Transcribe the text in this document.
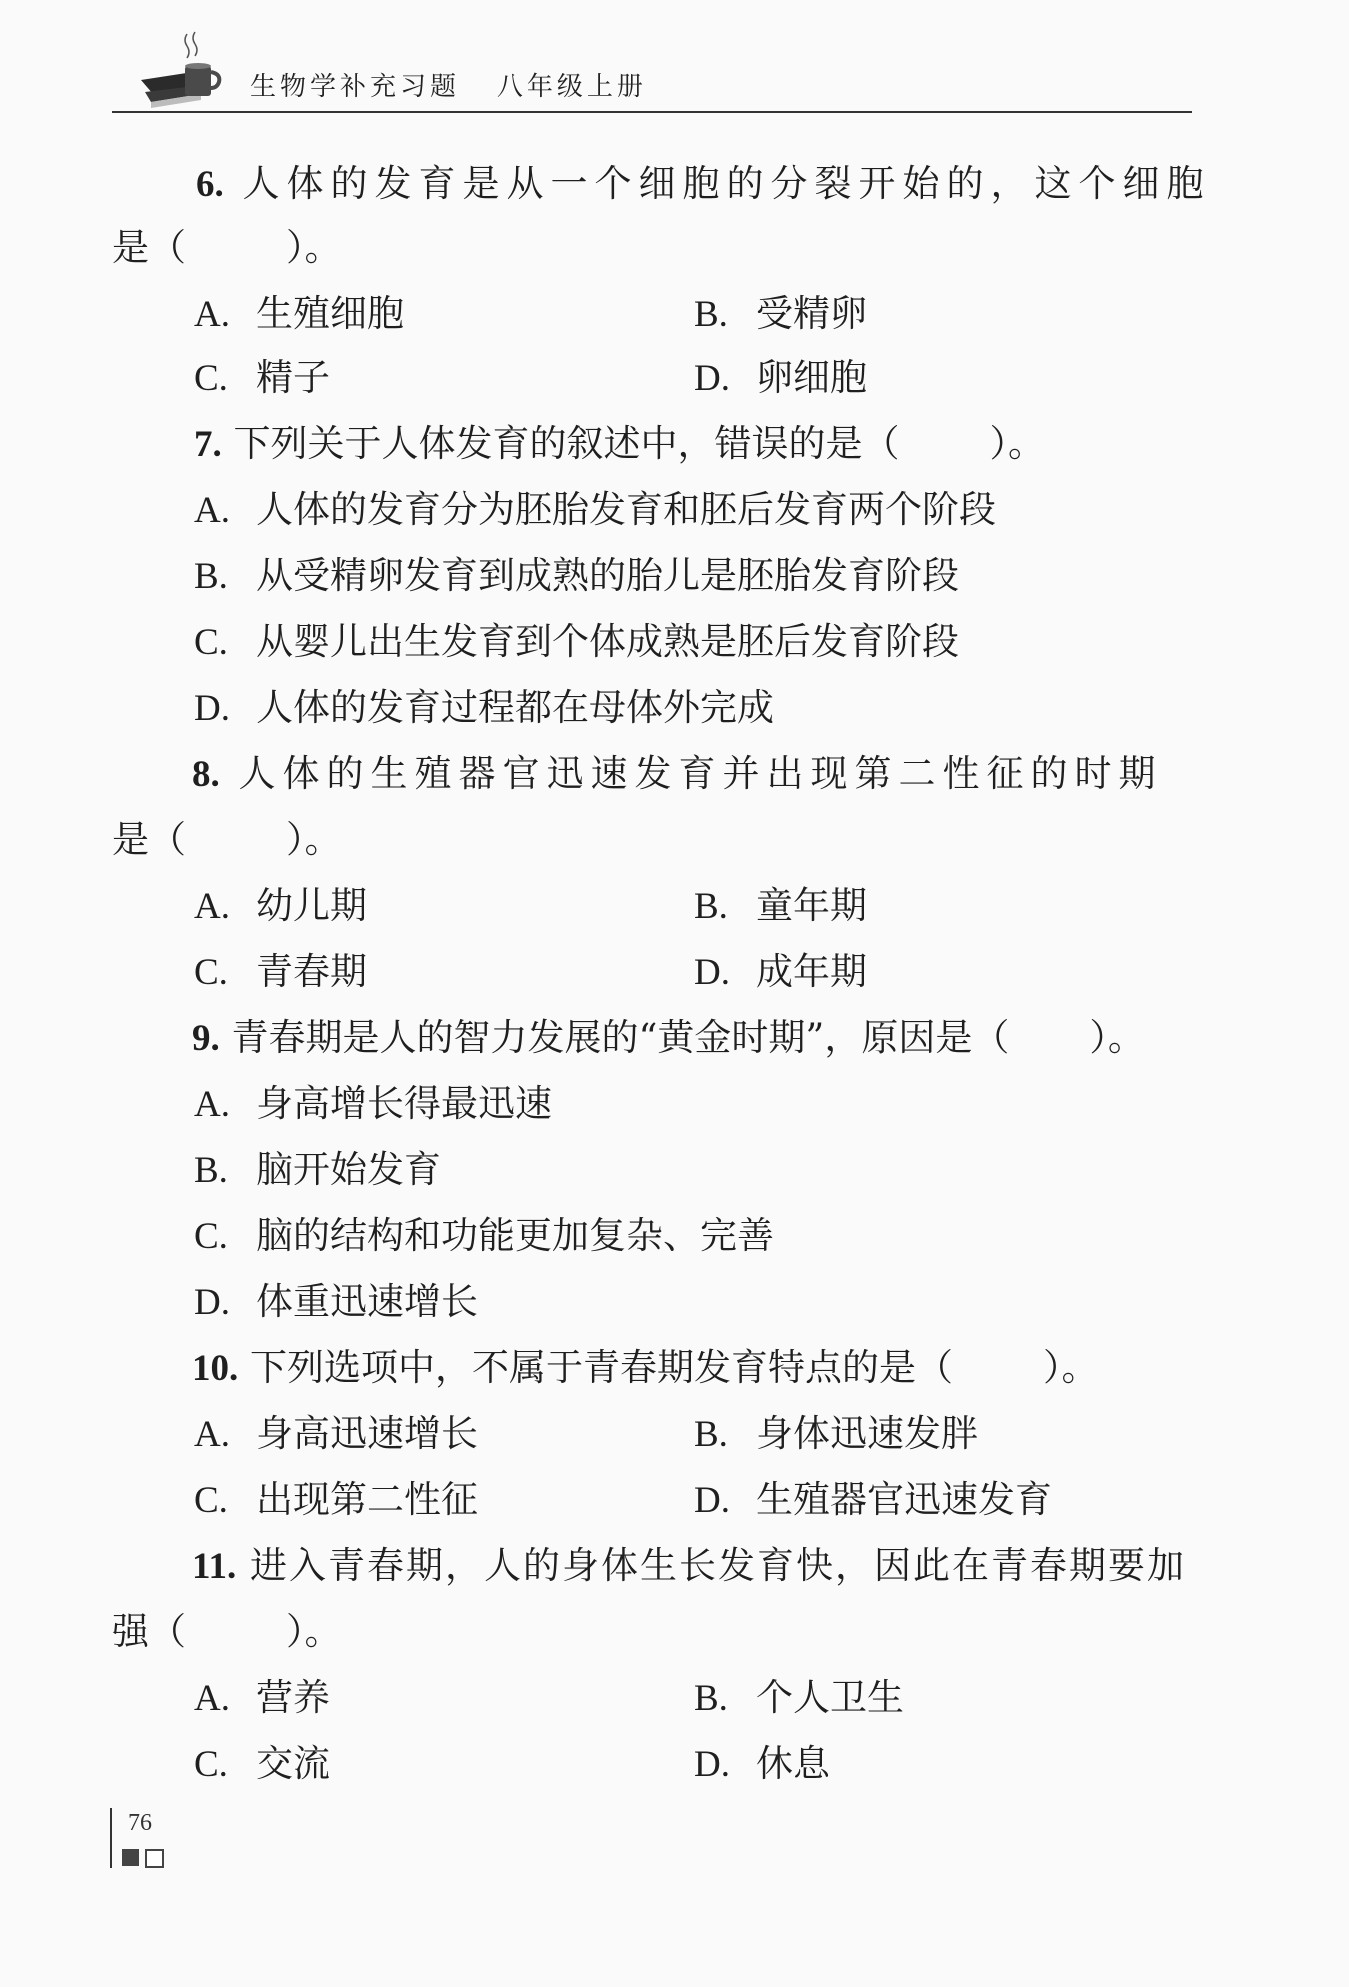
生物学补充习题 八年级上册
6. 人体的发育是从一个细胞的分裂开始的，这个细胞
是（	）。
A. 生殖细胞	B. 受精卵
C. 精子	D. 卵细胞
7. 下列关于人体发育的叙述中，错误的是（ ）。
A. 人体的发育分为胚胎发育和胚后发育两个阶段
B. 从受精卵发育到成熟的胎儿是胚胎发育阶段
C. 从婴儿出生发育到个体成熟是胚后发育阶段
D. 人体的发育过程都在母体外完成
8. 人体的生殖器官迅速发育并出现第二性征的时期
是（	）。
A. 幼儿期	B. 童年期
C. 青春期	D. 成年期
9. 青春期是人的智力发展的“黄金时期”，原因是（ ）。
A. 身高增长得最迅速
B. 脑开始发育
C. 脑的结构和功能更加复杂、完善
D. 体重迅速增长
10. 下列选项中，不属于青春期发育特点的是（ ）。
A. 身高迅速增长	B. 身体迅速发胖
C. 出现第二性征	D. 生殖器官迅速发育
11. 进入青春期，人的身体生长发育快，因此在青春期要加
强（	）。
A. 营养	B. 个人卫生
C. 交流	D. 休息
76
